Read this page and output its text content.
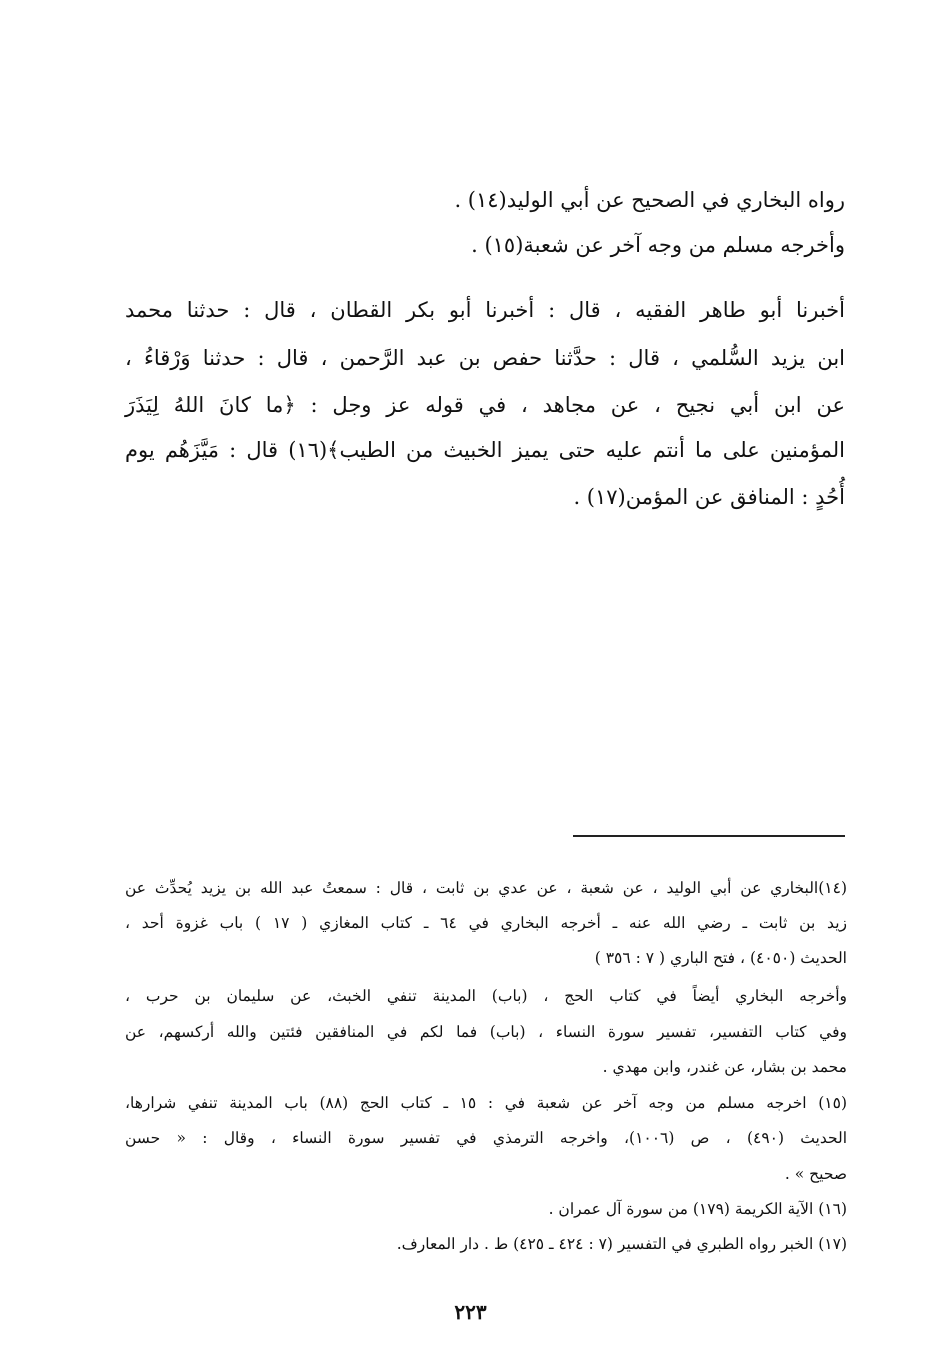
رواه البخاري في الصحيح عن أبي الوليد(١٤) .
وأخرجه مسلم من وجه آخر عن شعبة(١٥) .
أخبرنا أبو طاهر الفقيه ، قال : أخبرنا أبو بكر القطان ، قال : حدثنا محمد
ابن يزيد السُّلمي ، قال : حدَّثنا حفص بن عبد الرَّحمن ، قال : حدثنا وَرْقاءُ ،
عن ابن أبي نجيح ، عن مجاهد ، في قوله عز وجل : ﴿ما كانَ اللهُ لِيَذَرَ
المؤمنين على ما أنتم عليه حتى يميز الخبيث من الطيب﴾(١٦) قال : مَيَّزَهُم يوم
أُحُدٍ : المنافق عن المؤمن(١٧) .
(١٤)البخاري عن أبي الوليد ، عن شعبة ، عن عدي بن ثابت ، قال : سمعتُ عبد الله بن يزيد يُحدِّث عن
زيد بن ثابت ـ رضي الله عنه ـ أخرجه البخاري في ٦٤ ـ كتاب المغازي ( ١٧ ) باب غزوة أحد ،
الحديث (٤٠٥٠) ، فتح الباري ( ٧ : ٣٥٦ )
وأخرجه البخاري أيضاً في كتاب الحج ، (باب) المدينة تنفي الخبث، عن سليمان بن حرب ،
وفي كتاب التفسير، تفسير سورة النساء ، (باب) فما لكم في المنافقين فئتين والله أركسهم، عن
محمد بن بشار، عن غندر، وابن مهدي .
(١٥) اخرجه مسلم من وجه آخر عن شعبة في : ١٥ ـ كتاب الحج (٨٨) باب المدينة تنفي شرارها،
الحديث (٤٩٠) ، ص (١٠٠٦)، واخرجه الترمذي في تفسير سورة النساء ، وقال : « حسن
صحيح » .
(١٦) الآية الكريمة (١٧٩) من سورة آل عمران .
(١٧) الخبر رواه الطبري في التفسير (٧ : ٤٢٤ ـ ٤٢٥) ط . دار المعارف.
٢٢٣
